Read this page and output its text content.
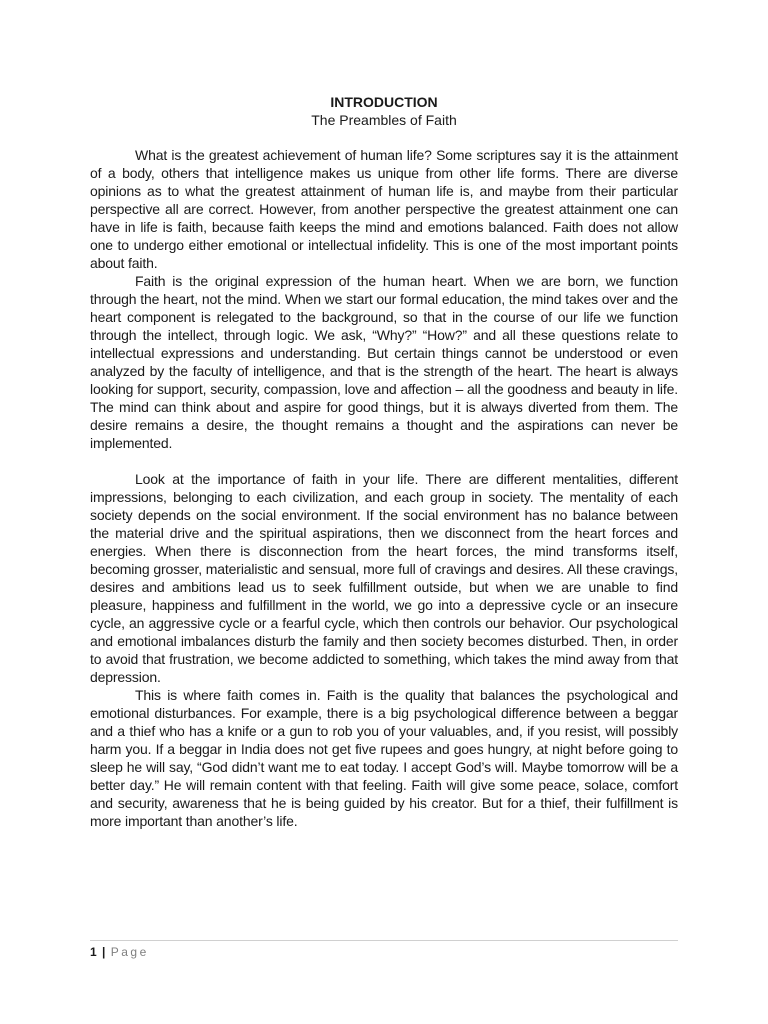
INTRODUCTION
The Preambles of Faith

What is the greatest achievement of human life? Some scriptures say it is the attainment of a body, others that intelligence makes us unique from other life forms. There are diverse opinions as to what the greatest attainment of human life is, and maybe from their particular perspective all are correct. However, from another perspective the greatest attainment one can have in life is faith, because faith keeps the mind and emotions balanced. Faith does not allow one to undergo either emotional or intellectual infidelity. This is one of the most important points about faith.

Faith is the original expression of the human heart. When we are born, we function through the heart, not the mind. When we start our formal education, the mind takes over and the heart component is relegated to the background, so that in the course of our life we function through the intellect, through logic. We ask, “Why?” “How?” and all these questions relate to intellectual expressions and understanding. But certain things cannot be understood or even analyzed by the faculty of intelligence, and that is the strength of the heart. The heart is always looking for support, security, compassion, love and affection – all the goodness and beauty in life. The mind can think about and aspire for good things, but it is always diverted from them. The desire remains a desire, the thought remains a thought and the aspirations can never be implemented.

Look at the importance of faith in your life. There are different mentalities, different impressions, belonging to each civilization, and each group in society. The mentality of each society depends on the social environment. If the social environment has no balance between the material drive and the spiritual aspirations, then we disconnect from the heart forces and energies. When there is disconnection from the heart forces, the mind transforms itself, becoming grosser, materialistic and sensual, more full of cravings and desires. All these cravings, desires and ambitions lead us to seek fulfillment outside, but when we are unable to find pleasure, happiness and fulfillment in the world, we go into a depressive cycle or an insecure cycle, an aggressive cycle or a fearful cycle, which then controls our behavior. Our psychological and emotional imbalances disturb the family and then society becomes disturbed. Then, in order to avoid that frustration, we become addicted to something, which takes the mind away from that depression.

This is where faith comes in. Faith is the quality that balances the psychological and emotional disturbances. For example, there is a big psychological difference between a beggar and a thief who has a knife or a gun to rob you of your valuables, and, if you resist, will possibly harm you. If a beggar in India does not get five rupees and goes hungry, at night before going to sleep he will say, “God didn’t want me to eat today. I accept God’s will. Maybe tomorrow will be a better day.” He will remain content with that feeling. Faith will give some peace, solace, comfort and security, awareness that he is being guided by his creator. But for a thief, their fulfillment is more important than another’s life.

1 | Page
